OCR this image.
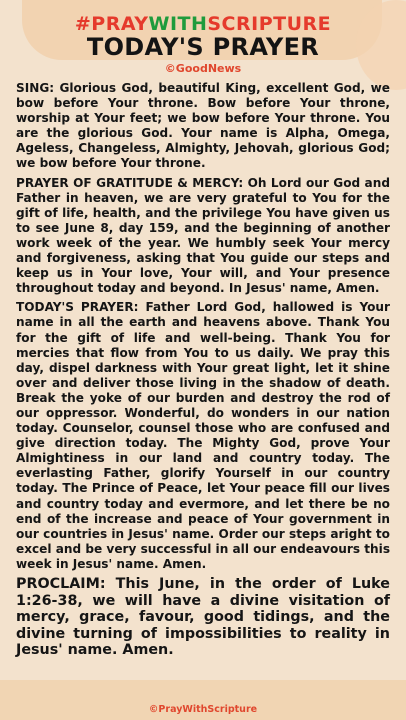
#PRAYWITHSCRIPTURE
TODAY'S PRAYER
©GoodNews

SING: Glorious God, beautiful King, excellent God, we bow before Your throne. Bow before Your throne, worship at Your feet; we bow before Your throne. You are the glorious God. Your name is Alpha, Omega, Ageless, Changeless, Almighty, Jehovah, glorious God; we bow before Your throne.

PRAYER OF GRATITUDE & MERCY: Oh Lord our God and Father in heaven, we are very grateful to You for the gift of life, health, and the privilege You have given us to see June 8, day 159, and the beginning of another work week of the year. We humbly seek Your mercy and forgiveness, asking that You guide our steps and keep us in Your love, Your will, and Your presence throughout today and beyond. In Jesus' name, Amen.

TODAY'S PRAYER: Father Lord God, hallowed is Your name in all the earth and heavens above. Thank You for the gift of life and well-being. Thank You for mercies that flow from You to us daily. We pray this day, dispel darkness with Your great light, let it shine over and deliver those living in the shadow of death. Break the yoke of our burden and destroy the rod of our oppressor. Wonderful, do wonders in our nation today. Counselor, counsel those who are confused and give direction today. The Mighty God, prove Your Almightiness in our land and country today. The everlasting Father, glorify Yourself in our country today. The Prince of Peace, let Your peace fill our lives and country today and evermore, and let there be no end of the increase and peace of Your government in our countries in Jesus' name. Order our steps aright to excel and be very successful in all our endeavours this week in Jesus' name. Amen.

PROCLAIM: This June, in the order of Luke 1:26-38, we will have a divine visitation of mercy, grace, favour, good tidings, and the divine turning of impossibilities to reality in Jesus' name. Amen.

©PrayWithScripture
